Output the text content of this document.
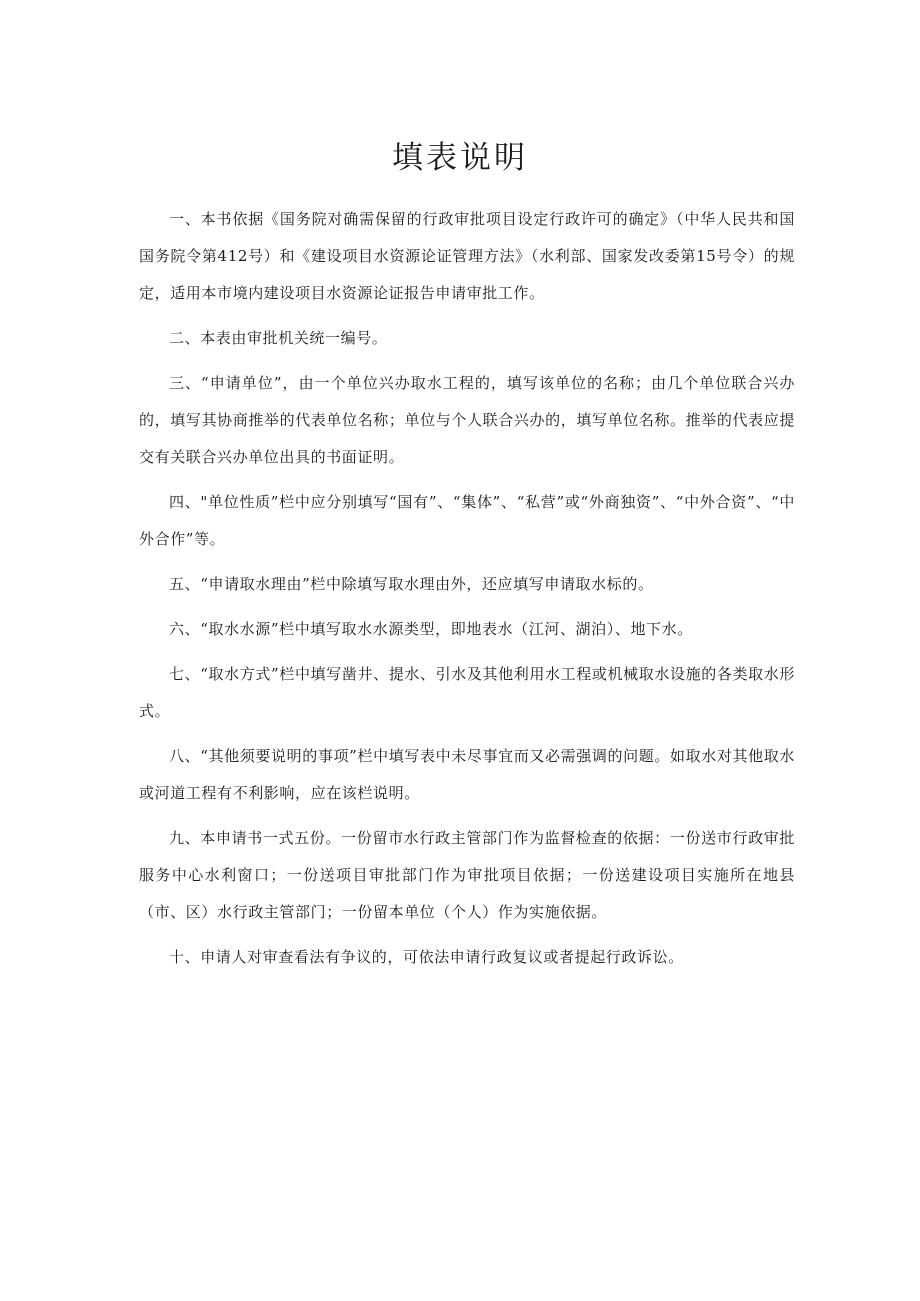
填表说明

一、本书依据《国务院对确需保留的行政审批项目设定行政许可的确定》（中华人民共和国国务院令第412号）和《建设项目水资源论证管理方法》（水利部、国家发改委第15号令）的规定，适用本市境内建设项目水资源论证报告申请审批工作。

二、本表由审批机关统一编号。

三、“申请单位”，由一个单位兴办取水工程的，填写该单位的名称；由几个单位联合兴办的，填写其协商推举的代表单位名称；单位与个人联合兴办的，填写单位名称。推举的代表应提交有关联合兴办单位出具的书面证明。

四、"单位性质”栏中应分别填写“国有”、“集体”、“私营”或“外商独资”、“中外合资”、“中外合作”等。

五、“申请取水理由”栏中除填写取水理由外，还应填写申请取水标的。

六、“取水水源”栏中填写取水水源类型，即地表水（江河、湖泊）、地下水。

七、“取水方式”栏中填写凿井、提水、引水及其他利用水工程或机械取水设施的各类取水形式。

八、“其他须要说明的事项”栏中填写表中未尽事宜而又必需强调的问题。如取水对其他取水或河道工程有不利影响，应在该栏说明。

九、本申请书一式五份。一份留市水行政主管部门作为监督检查的依据：一份送市行政审批服务中心水利窗口；一份送项目审批部门作为审批项目依据；一份送建设项目实施所在地县（市、区）水行政主管部门；一份留本单位（个人）作为实施依据。

十、申请人对审查看法有争议的，可依法申请行政复议或者提起行政诉讼。
